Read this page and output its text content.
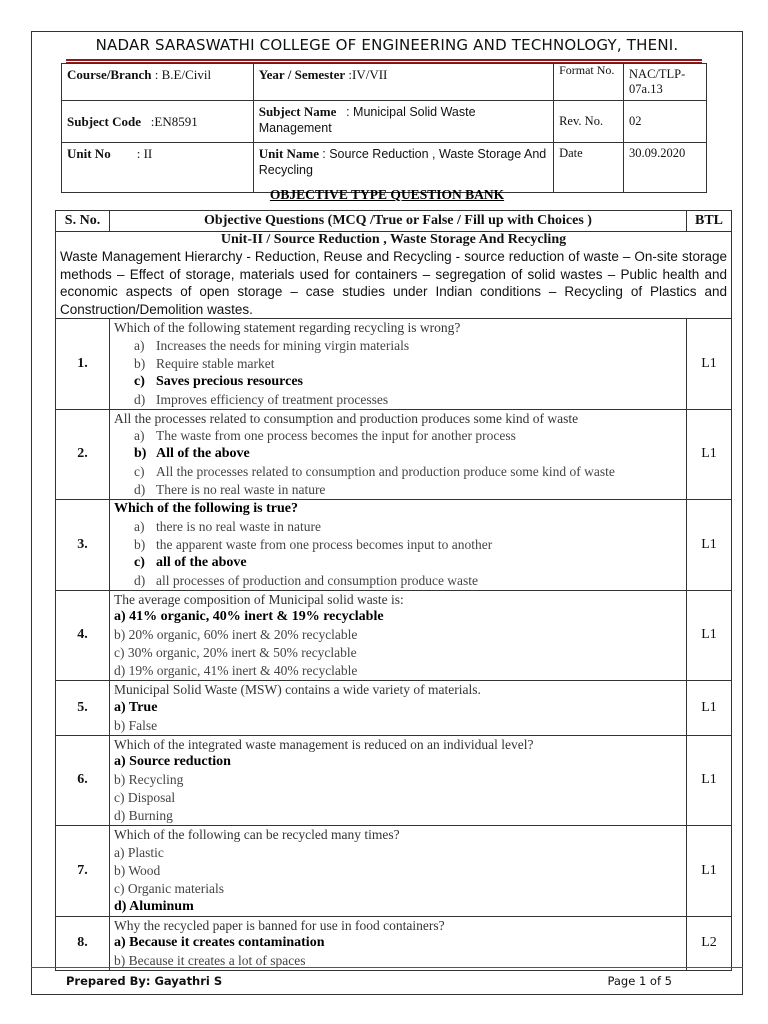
NADAR SARASWATHI COLLEGE OF ENGINEERING AND TECHNOLOGY, THENI.
Course/Branch : B.E/Civil	Year / Semester :IV/VII	Format No.	NAC/TLP-07a.13
Subject Code :EN8591	Subject Name : Municipal Solid Waste Management	Rev. No.	02
Unit No : II	Unit Name : Source Reduction , Waste Storage And Recycling	Date	30.09.2020
OBJECTIVE TYPE QUESTION BANK
S. No.	Objective Questions (MCQ /True or False / Fill up with Choices )	BTL

Unit-II / Source Reduction , Waste Storage And Recycling
Waste Management Hierarchy - Reduction, Reuse and Recycling - source reduction of waste – On-site storage methods – Effect of storage, materials used for containers – segregation of solid wastes – Public health and economic aspects of open storage – case studies under Indian conditions – Recycling of Plastics and Construction/Demolition wastes.		

1.	Which of the following statement regarding recycling is wrong?
a) Increases the needs for mining virgin materials
b) Require stable market
c) Saves precious resources
d) Improves efficiency of treatment processes	L1
2.	All the processes related to consumption and production produces some kind of waste
a) The waste from one process becomes the input for another process
b) All of the above
c) All the processes related to consumption and production produce some kind of waste
d) There is no real waste in nature	L1
3.	Which of the following is true?
a) there is no real waste in nature
b) the apparent waste from one process becomes input to another
c) all of the above
d) all processes of production and consumption produce waste	L1
4.	The average composition of Municipal solid waste is:
a) 41% organic, 40% inert & 19% recyclable
b) 20% organic, 60% inert & 20% recyclable
c) 30% organic, 20% inert & 50% recyclable
d) 19% organic, 41% inert & 40% recyclable	L1
5.	Municipal Solid Waste (MSW) contains a wide variety of materials.
a) True
b) False	L1
6.	Which of the integrated waste management is reduced on an individual level?
a) Source reduction
b) Recycling
c) Disposal
d) Burning	L1
7.	Which of the following can be recycled many times?
a) Plastic
b) Wood
c) Organic materials
d) Aluminum	L1
8.	Why the recycled paper is banned for use in food containers?
a) Because it creates contamination
b) Because it creates a lot of spaces	L2
Prepared By: Gayathri S	Page 1 of 5
